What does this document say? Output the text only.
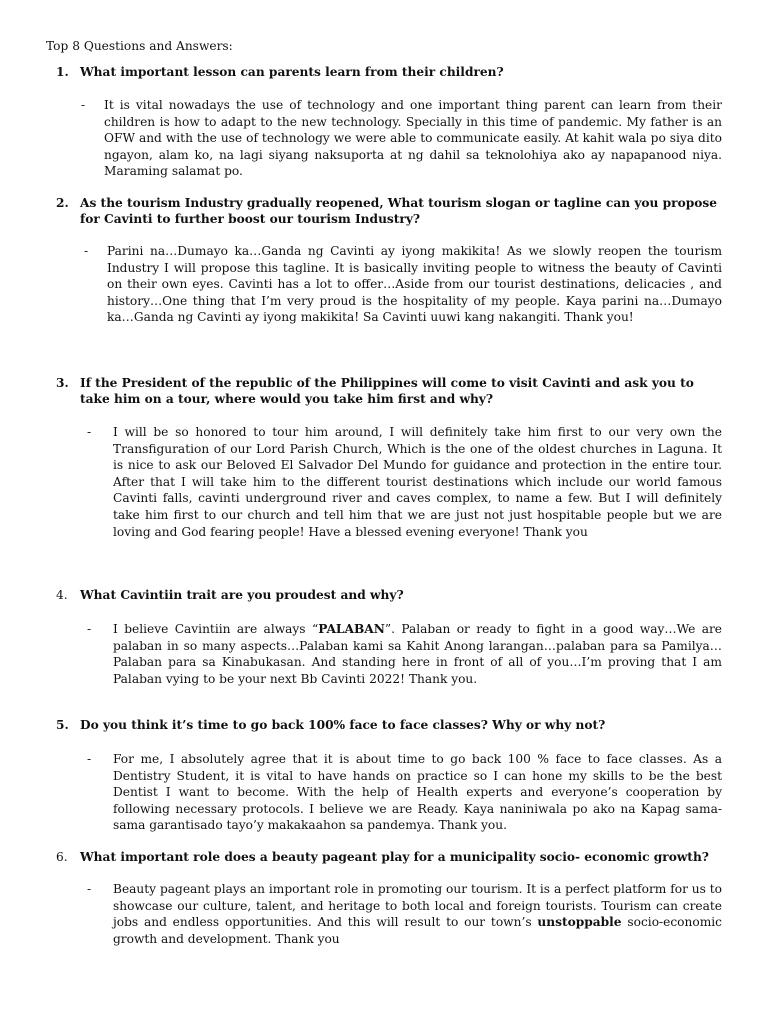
Top 8 Questions and Answers:
1. What important lesson can parents learn from their children?
- It is vital nowadays the use of technology and one important thing parent can learn from their children is how to adapt to the new technology. Specially in this time of pandemic. My father is an OFW and with the use of technology we were able to communicate easily. At kahit wala po siya dito ngayon, alam ko, na lagi siyang naksuporta at ng dahil sa teknolohiya ako ay napapanood niya. Maraming salamat po.
2. As the tourism Industry gradually reopened, What tourism slogan or tagline can you propose for Cavinti to further boost our tourism Industry?
- Parini na…Dumayo ka…Ganda ng Cavinti ay iyong makikita! As we slowly reopen the tourism Industry I will propose this tagline. It is basically inviting people to witness the beauty of Cavinti on their own eyes. Cavinti has a lot to offer…Aside from our tourist destinations, delicacies , and history…One thing that I’m very proud is the hospitality of my people. Kaya parini na…Dumayo ka…Ganda ng Cavinti ay iyong makikita! Sa Cavinti uuwi kang nakangiti. Thank you!
3. If the President of the republic of the Philippines will come to visit Cavinti and ask you to take him on a tour, where would you take him first and why?
- I will be so honored to tour him around, I will definitely take him first to our very own the Transfiguration of our Lord Parish Church, Which is the one of the oldest churches in Laguna. It is nice to ask our Beloved El Salvador Del Mundo for guidance and protection in the entire tour. After that I will take him to the different tourist destinations which include our world famous Cavinti falls, cavinti underground river and caves complex, to name a few. But I will definitely take him first to our church and tell him that we are just not just hospitable people but we are loving and God fearing people! Have a blessed evening everyone! Thank you
4. What Cavintiin trait are you proudest and why?
- I believe Cavintiin are always “PALABAN”. Palaban or ready to fight in a good way…We are palaban in so many aspects…Palaban kami sa Kahit Anong larangan…palaban para sa Pamilya… Palaban para sa Kinabukasan. And standing here in front of all of you…I’m proving that I am Palaban vying to be your next Bb Cavinti 2022! Thank you.
5. Do you think it’s time to go back 100% face to face classes? Why or why not?
- For me, I absolutely agree that it is about time to go back 100 % face to face classes. As a Dentistry Student, it is vital to have hands on practice so I can hone my skills to be the best Dentist I want to become. With the help of Health experts and everyone’s cooperation by following necessary protocols. I believe we are Ready. Kaya naniniwala po ako na Kapag sama-sama garantisado tayo’y makakaahon sa pandemya. Thank you.
6. What important role does a beauty pageant play for a municipality socio- economic growth?
- Beauty pageant plays an important role in promoting our tourism. It is a perfect platform for us to showcase our culture, talent, and heritage to both local and foreign tourists. Tourism can create jobs and endless opportunities. And this will result to our town’s unstoppable socio-economic growth and development. Thank you
